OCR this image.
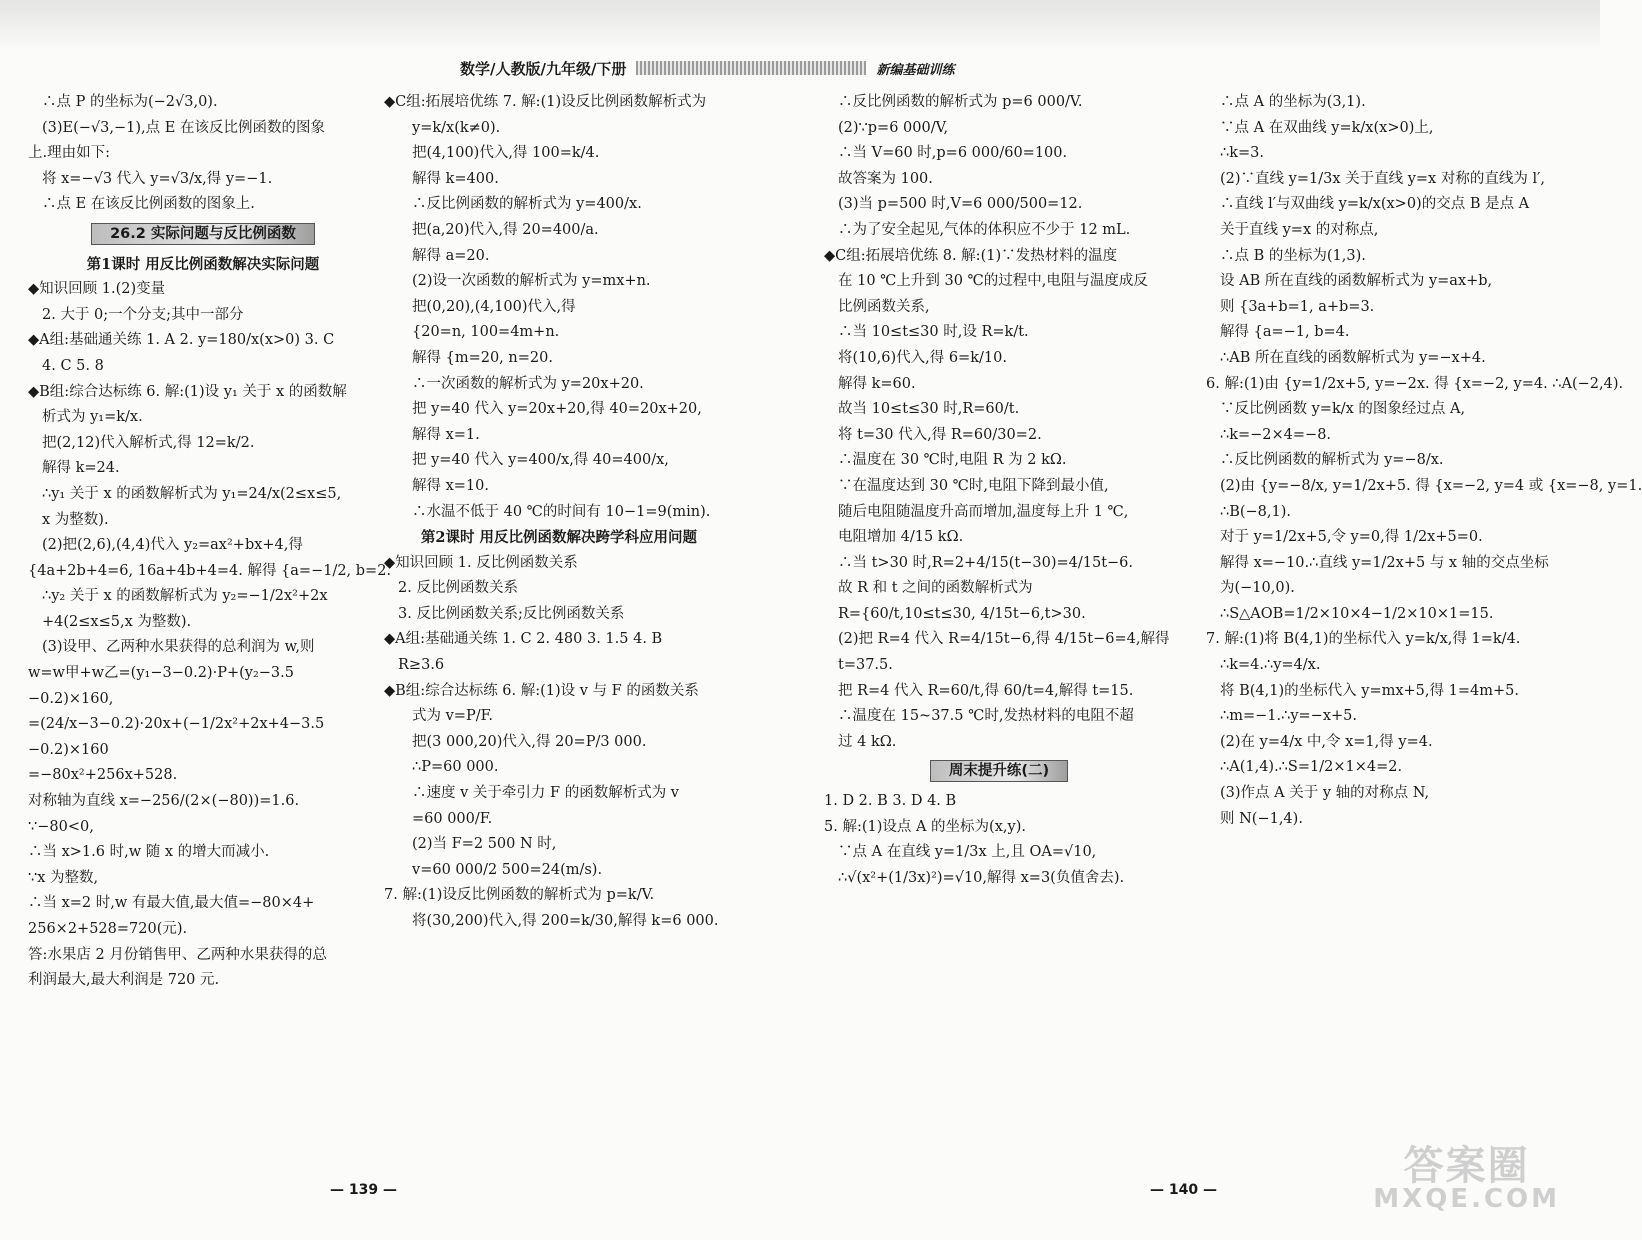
数学/人教版/九年级/下册	新编基础训练
∴点 P 的坐标为(−2√3,0).
(3)E(−√3,−1),点 E 在该反比例函数的图象
上.理由如下:
将 x=−√3 代入 y=√3/x,得 y=−1.
∴点 E 在该反比例函数的图象上.
26.2 实际问题与反比例函数
第1课时 用反比例函数解决实际问题
◆知识回顾 1.(2)变量
2. 大于 0;一个分支;其中一部分
◆A组:基础通关练 1. A 2. y=180/x(x>0) 3. C
4. C 5. 8
◆B组:综合达标练 6. 解:(1)设 y₁ 关于 x 的函数解
析式为 y₁=k/x.
把(2,12)代入解析式,得 12=k/2.
解得 k=24.
∴y₁ 关于 x 的函数解析式为 y₁=24/x(2≤x≤5,
x 为整数).
(2)把(2,6),(4,4)代入 y₂=ax²+bx+4,得
{4a+2b+4=6, 16a+4b+4=4. 解得 {a=−1/2, b=2.
∴y₂ 关于 x 的函数解析式为 y₂=−1/2x²+2x
+4(2≤x≤5,x 为整数).
(3)设甲、乙两种水果获得的总利润为 w,则
w=w甲+w乙=(y₁−3−0.2)·P+(y₂−3.5
−0.2)×160,
=(24/x−3−0.2)·20x+(−1/2x²+2x+4−3.5
−0.2)×160
=−80x²+256x+528.
对称轴为直线 x=−256/(2×(−80))=1.6.
∵−80<0,
∴当 x>1.6 时,w 随 x 的增大而减小.
∵x 为整数,
∴当 x=2 时,w 有最大值,最大值=−80×4+
256×2+528=720(元).
答:水果店 2 月份销售甲、乙两种水果获得的总
利润最大,最大利润是 720 元.
◆C组:拓展培优练 7. 解:(1)设反比例函数解析式为
y=k/x(k≠0).
把(4,100)代入,得 100=k/4.
解得 k=400.
∴反比例函数的解析式为 y=400/x.
把(a,20)代入,得 20=400/a.
解得 a=20.
(2)设一次函数的解析式为 y=mx+n.
把(0,20),(4,100)代入,得
{20=n, 100=4m+n.
解得 {m=20, n=20.
∴一次函数的解析式为 y=20x+20.
把 y=40 代入 y=20x+20,得 40=20x+20,
解得 x=1.
把 y=40 代入 y=400/x,得 40=400/x,
解得 x=10.
∴水温不低于 40 ℃的时间有 10−1=9(min).
第2课时 用反比例函数解决跨学科应用问题
◆知识回顾 1. 反比例函数关系
2. 反比例函数关系
3. 反比例函数关系;反比例函数关系
◆A组:基础通关练 1. C 2. 480 3. 1.5 4. B
R≥3.6
◆B组:综合达标练 6. 解:(1)设 v 与 F 的函数关系
式为 v=P/F.
把(3 000,20)代入,得 20=P/3 000.
∴P=60 000.
∴速度 v 关于牵引力 F 的函数解析式为 v
=60 000/F.
(2)当 F=2 500 N 时,
v=60 000/2 500=24(m/s).
7. 解:(1)设反比例函数的解析式为 p=k/V.
将(30,200)代入,得 200=k/30,解得 k=6 000.
∴反比例函数的解析式为 p=6 000/V.
(2)∵p=6 000/V,
∴当 V=60 时,p=6 000/60=100.
故答案为 100.
(3)当 p=500 时,V=6 000/500=12.
∴为了安全起见,气体的体积应不少于 12 mL.
◆C组:拓展培优练 8. 解:(1)∵发热材料的温度
在 10 ℃上升到 30 ℃的过程中,电阻与温度成反
比例函数关系,
∴当 10≤t≤30 时,设 R=k/t.
将(10,6)代入,得 6=k/10.
解得 k=60.
故当 10≤t≤30 时,R=60/t.
将 t=30 代入,得 R=60/30=2.
∴温度在 30 ℃时,电阻 R 为 2 kΩ.
∵在温度达到 30 ℃时,电阻下降到最小值,
随后电阻随温度升高而增加,温度每上升 1 ℃,
电阻增加 4/15 kΩ.
∴当 t>30 时,R=2+4/15(t−30)=4/15t−6.
故 R 和 t 之间的函数解析式为
R={60/t,10≤t≤30, 4/15t−6,t>30.
(2)把 R=4 代入 R=4/15t−6,得 4/15t−6=4,解得
t=37.5.
把 R=4 代入 R=60/t,得 60/t=4,解得 t=15.
∴温度在 15~37.5 ℃时,发热材料的电阻不超
过 4 kΩ.
周末提升练(二)
1. D 2. B 3. D 4. B
5. 解:(1)设点 A 的坐标为(x,y).
∵点 A 在直线 y=1/3x 上,且 OA=√10,
∴√(x²+(1/3x)²)=√10,解得 x=3(负值舍去).
∴点 A 的坐标为(3,1).
∵点 A 在双曲线 y=k/x(x>0)上,
∴k=3.
(2)∵直线 y=1/3x 关于直线 y=x 对称的直线为 l′,
∴直线 l′与双曲线 y=k/x(x>0)的交点 B 是点 A
关于直线 y=x 的对称点,
∴点 B 的坐标为(1,3).
设 AB 所在直线的函数解析式为 y=ax+b,
则 {3a+b=1, a+b=3.
解得 {a=−1, b=4.
∴AB 所在直线的函数解析式为 y=−x+4.
6. 解:(1)由 {y=1/2x+5, y=−2x. 得 {x=−2, y=4. ∴A(−2,4).
∵反比例函数 y=k/x 的图象经过点 A,
∴k=−2×4=−8.
∴反比例函数的解析式为 y=−8/x.
(2)由 {y=−8/x, y=1/2x+5. 得 {x=−2, y=4 或 {x=−8, y=1.
∴B(−8,1).
对于 y=1/2x+5,令 y=0,得 1/2x+5=0.
解得 x=−10.∴直线 y=1/2x+5 与 x 轴的交点坐标
为(−10,0).
∴S△AOB=1/2×10×4−1/2×10×1=15.
7. 解:(1)将 B(4,1)的坐标代入 y=k/x,得 1=k/4.
∴k=4.∴y=4/x.
将 B(4,1)的坐标代入 y=mx+5,得 1=4m+5.
∴m=−1.∴y=−x+5.
(2)在 y=4/x 中,令 x=1,得 y=4.
∴A(1,4).∴S=1/2×1×4=2.
(3)作点 A 关于 y 轴的对称点 N,
则 N(−1,4).
— 139 —	— 140 —
答案圈
MXQE.COM
